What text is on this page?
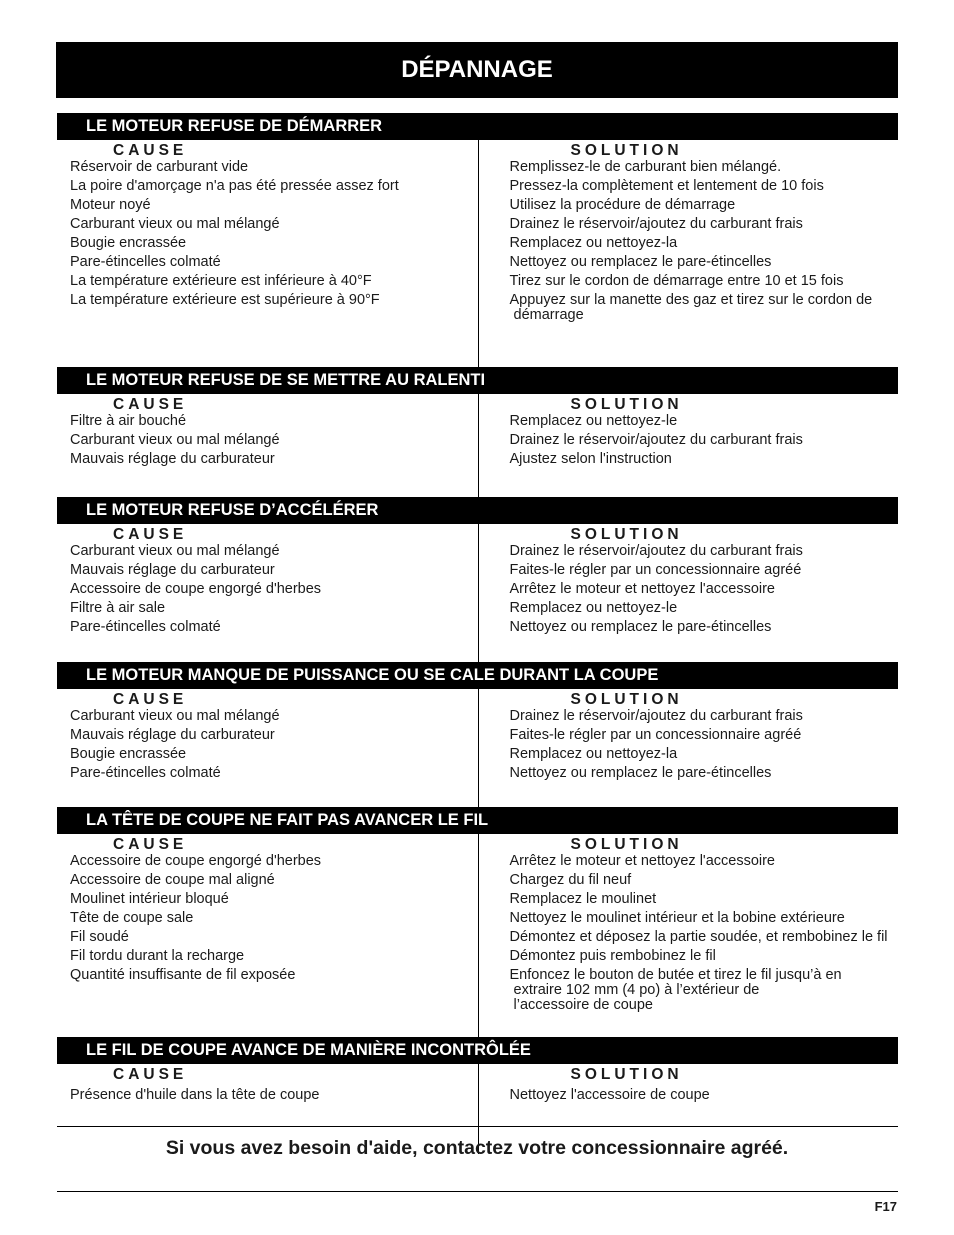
DÉPANNAGE
LE MOTEUR REFUSE DE DÉMARRER
CAUSE
Réservoir de carburant vide
La poire d'amorçage n'a pas été pressée assez fort
Moteur noyé
Carburant vieux ou mal mélangé
Bougie encrassée
Pare-étincelles colmaté
La température extérieure est inférieure à 40°F
La température extérieure est supérieure à 90°F
SOLUTION
Remplissez-le de carburant bien mélangé.
Pressez-la complètement et lentement de 10 fois
Utilisez la procédure de démarrage
Drainez le réservoir/ajoutez du carburant frais
Remplacez ou nettoyez-la
Nettoyez ou remplacez le pare-étincelles
Tirez sur le cordon de démarrage entre 10 et 15 fois
Appuyez sur la manette des gaz et tirez sur le cordon de
démarrage
LE MOTEUR REFUSE DE SE METTRE AU RALENTI
CAUSE
Filtre à air bouché
Carburant vieux ou mal mélangé
Mauvais réglage du carburateur
SOLUTION
Remplacez ou nettoyez-le
Drainez le réservoir/ajoutez du carburant frais
Ajustez selon l'instruction
LE MOTEUR REFUSE D’ACCÉLÉRER
CAUSE
Carburant vieux ou mal mélangé
Mauvais réglage du carburateur
Accessoire de coupe engorgé d'herbes
Filtre à air sale
Pare-étincelles colmaté
SOLUTION
Drainez le réservoir/ajoutez du carburant frais
Faites-le régler par un concessionnaire agréé
Arrêtez le moteur et nettoyez l'accessoire
Remplacez ou nettoyez-le
Nettoyez ou remplacez le pare-étincelles
LE MOTEUR MANQUE DE PUISSANCE OU SE CALE DURANT LA COUPE
CAUSE
Carburant vieux ou mal mélangé
Mauvais réglage du carburateur
Bougie encrassée
Pare-étincelles colmaté
SOLUTION
Drainez le réservoir/ajoutez du carburant frais
Faites-le régler par un concessionnaire agréé
Remplacez ou nettoyez-la
Nettoyez ou remplacez le pare-étincelles
LA TÊTE DE COUPE NE FAIT PAS AVANCER LE FIL
CAUSE
Accessoire de coupe engorgé d'herbes
Accessoire de coupe mal aligné
Moulinet intérieur bloqué
Tête de coupe sale
Fil soudé
Fil tordu durant la recharge
Quantité insuffisante de fil exposée
SOLUTION
Arrêtez le moteur et nettoyez l'accessoire
Chargez du fil neuf
Remplacez le moulinet
Nettoyez le moulinet intérieur et la bobine extérieure
Démontez et déposez la partie soudée, et rembobinez le fil
Démontez puis rembobinez le fil
Enfoncez le bouton de butée et tirez le fil jusqu’à en
extraire 102 mm (4 po) à l’extérieur de
l’accessoire de coupe
LE FIL DE COUPE AVANCE DE MANIÈRE INCONTRÔLÉE
CAUSE
Présence d'huile dans la tête de coupe
SOLUTION
Nettoyez l'accessoire de coupe
Si vous avez besoin d'aide, contactez votre concessionnaire agréé.
F17
